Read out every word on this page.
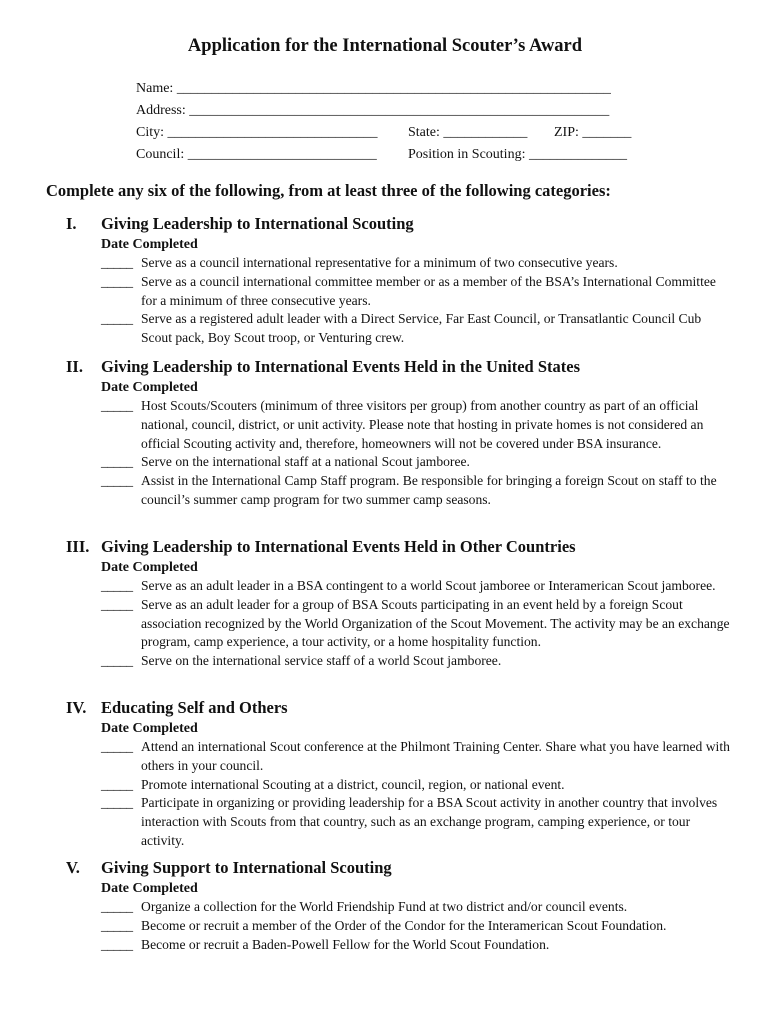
Application for the International Scouter’s Award
Name: ______________________________________________________________
Address: ____________________________________________________________
City: ______________________________ State: ____________ ZIP: _______
Council: ___________________________ Position in Scouting: ______________

Complete any six of the following, from at least three of the following categories:

I. Giving Leadership to International Scouting
Date Completed
_____ Serve as a council international representative for a minimum of two consecutive years.
_____ Serve as a council international committee member or as a member of the BSA’s International Committee for a minimum of three consecutive years.
_____ Serve as a registered adult leader with a Direct Service, Far East Council, or Transatlantic Council Cub Scout pack, Boy Scout troop, or Venturing crew.
II. Giving Leadership to International Events Held in the United States
Date Completed
_____ Host Scouts/Scouters (minimum of three visitors per group) from another country as part of an official national, council, district, or unit activity. Please note that hosting in private homes is not considered an official Scouting activity and, therefore, homeowners will not be covered under BSA insurance.
_____ Serve on the international staff at a national Scout jamboree.
_____ Assist in the International Camp Staff program. Be responsible for bringing a foreign Scout on staff to the council’s summer camp program for two summer camp seasons.
III. Giving Leadership to International Events Held in Other Countries
Date Completed
_____ Serve as an adult leader in a BSA contingent to a world Scout jamboree or Interamerican Scout jamboree.
_____ Serve as an adult leader for a group of BSA Scouts participating in an event held by a foreign Scout association recognized by the World Organization of the Scout Movement. The activity may be an exchange program, camp experience, a tour activity, or a home hospitality function.
_____ Serve on the international service staff of a world Scout jamboree.
IV. Educating Self and Others
Date Completed
_____ Attend an international Scout conference at the Philmont Training Center. Share what you have learned with others in your council.
_____ Promote international Scouting at a district, council, region, or national event.
_____ Participate in organizing or providing leadership for a BSA Scout activity in another country that involves interaction with Scouts from that country, such as an exchange program, camping experience, or tour activity.
V. Giving Support to International Scouting
Date Completed
_____ Organize a collection for the World Friendship Fund at two district and/or council events.
_____ Become or recruit a member of the Order of the Condor for the Interamerican Scout Foundation.
_____ Become or recruit a Baden-Powell Fellow for the World Scout Foundation.
